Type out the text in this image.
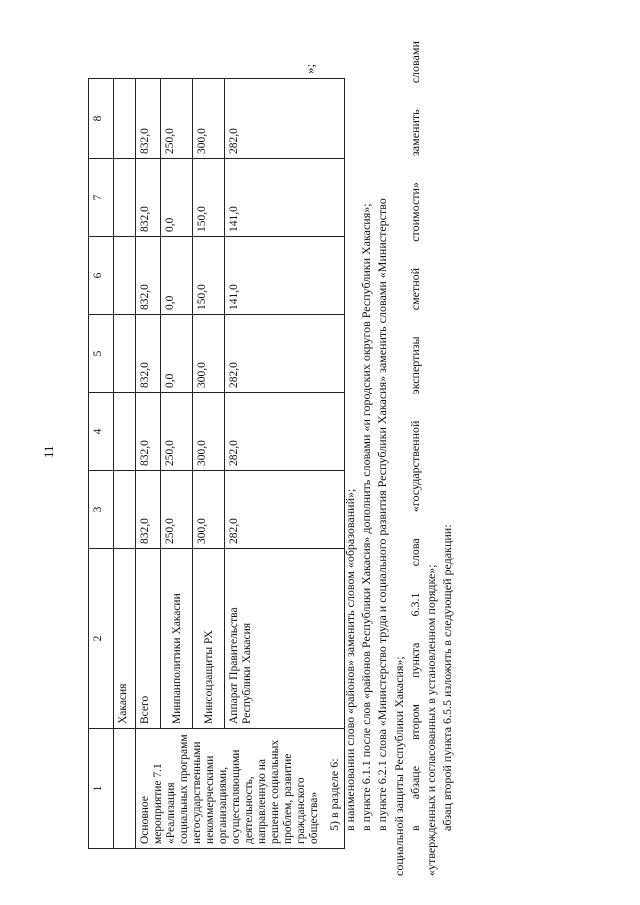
11
1	2	3	4	5	6	7	8
	Хакасия						
Основное мероприятие 7.1 «Реализация социальных программ негосударственными некоммерческими организациями, осуществляющими деятельность, направленную на решение социальных проблем, развитие гражданского общества»	Всего	832,0	832,0	832,0	832,0	832,0	832,0
	Минпанполитики Хакасии	250,0	250,0	0,0	0,0	0,0	250,0
	Минсоцзащиты РХ	300,0	300,0	300,0	150,0	150,0	300,0
	Аппарат Правительства Республики Хакасия	282,0	282,0	282,0	141,0	141,0	282,0
»;
5) в разделе 6: в наименовании слово «районов» заменить словом «образований»; в пункте 6.1.1 после слов «районов Республики Хакасия» дополнить словами «и городских округов Республики Хакасия»; в пункте 6.2.1 слова «Министерство труда и социального развития Республики Хакасия» заменить словами «Министерство социальной защиты Республики Хакасия»; в
абзаце
втором
пункта
6.3.1
слова
«государственной
экспертизы
сметной
стоимости»
заменить
словами
«утвержденных и согласованных в установленном порядке»; абзац второй пункта 6.5.5 изложить в следующей редакции:
